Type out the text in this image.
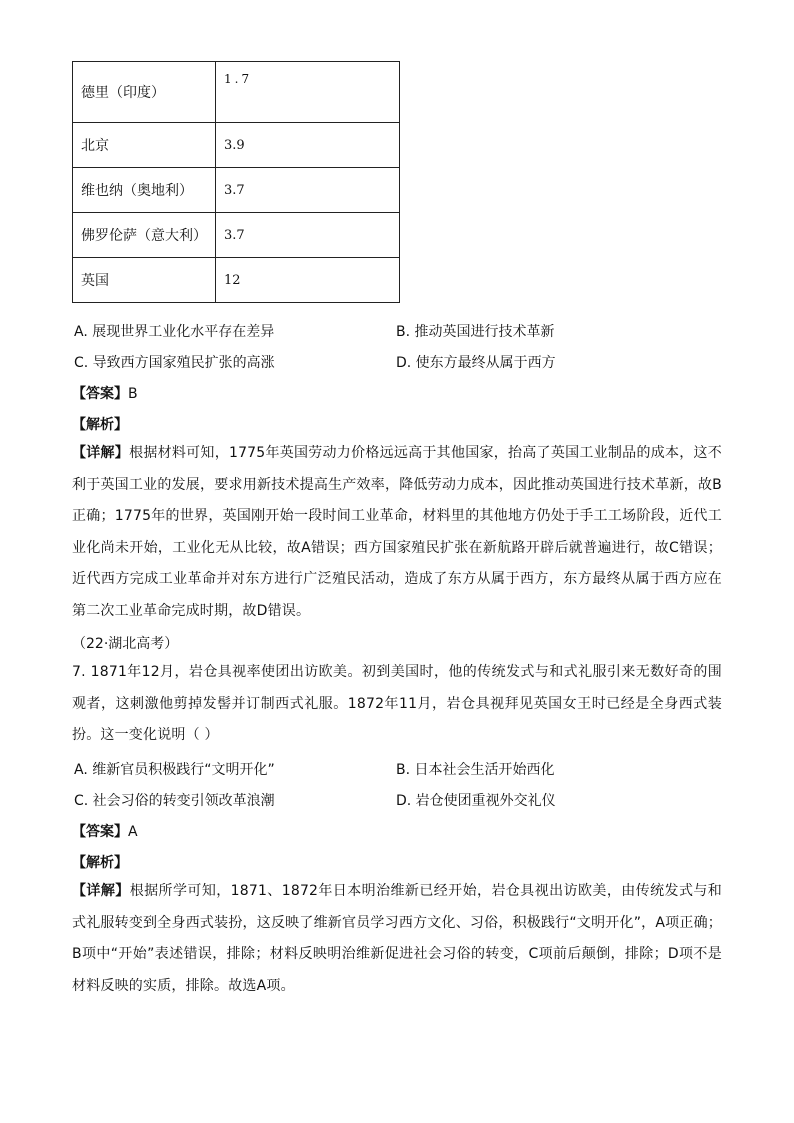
德里（印度）	1.7
北京	3.9
维也纳（奥地利）	3.7
佛罗伦萨（意大利）	3.7
英国	12
A. 展现世界工业化水平存在差异	B. 推动英国进行技术革新
C. 导致西方国家殖民扩张的高涨	D. 使东方最终从属于西方
【答案】B
【解析】
【详解】根据材料可知，1775年英国劳动力价格远远高于其他国家，抬高了英国工业制品的成本，这不利于英国工业的发展，要求用新技术提高生产效率，降低劳动力成本，因此推动英国进行技术革新，故B正确；1775年的世界，英国刚开始一段时间工业革命，材料里的其他地方仍处于手工工场阶段，近代工业化尚未开始，工业化无从比较，故A错误；西方国家殖民扩张在新航路开辟后就普遍进行，故C错误；近代西方完成工业革命并对东方进行广泛殖民活动，造成了东方从属于西方，东方最终从属于西方应在第二次工业革命完成时期，故D错误。
（22·湖北高考）
7. 1871年12月，岩仓具视率使团出访欧美。初到美国时，他的传统发式与和式礼服引来无数好奇的围观者，这刺激他剪掉发髻并订制西式礼服。1872年11月，岩仓具视拜见英国女王时已经是全身西式装扮。这一变化说明（ ）
A. 维新官员积极践行“文明开化”	B. 日本社会生活开始西化
C. 社会习俗的转变引领改革浪潮	D. 岩仓使团重视外交礼仪
【答案】A
【解析】
【详解】根据所学可知，1871、1872年日本明治维新已经开始，岩仓具视出访欧美，由传统发式与和式礼服转变到全身西式装扮，这反映了维新官员学习西方文化、习俗，积极践行“文明开化”，A项正确；B项中“开始”表述错误，排除；材料反映明治维新促进社会习俗的转变，C项前后颠倒，排除；D项不是材料反映的实质，排除。故选A项。
